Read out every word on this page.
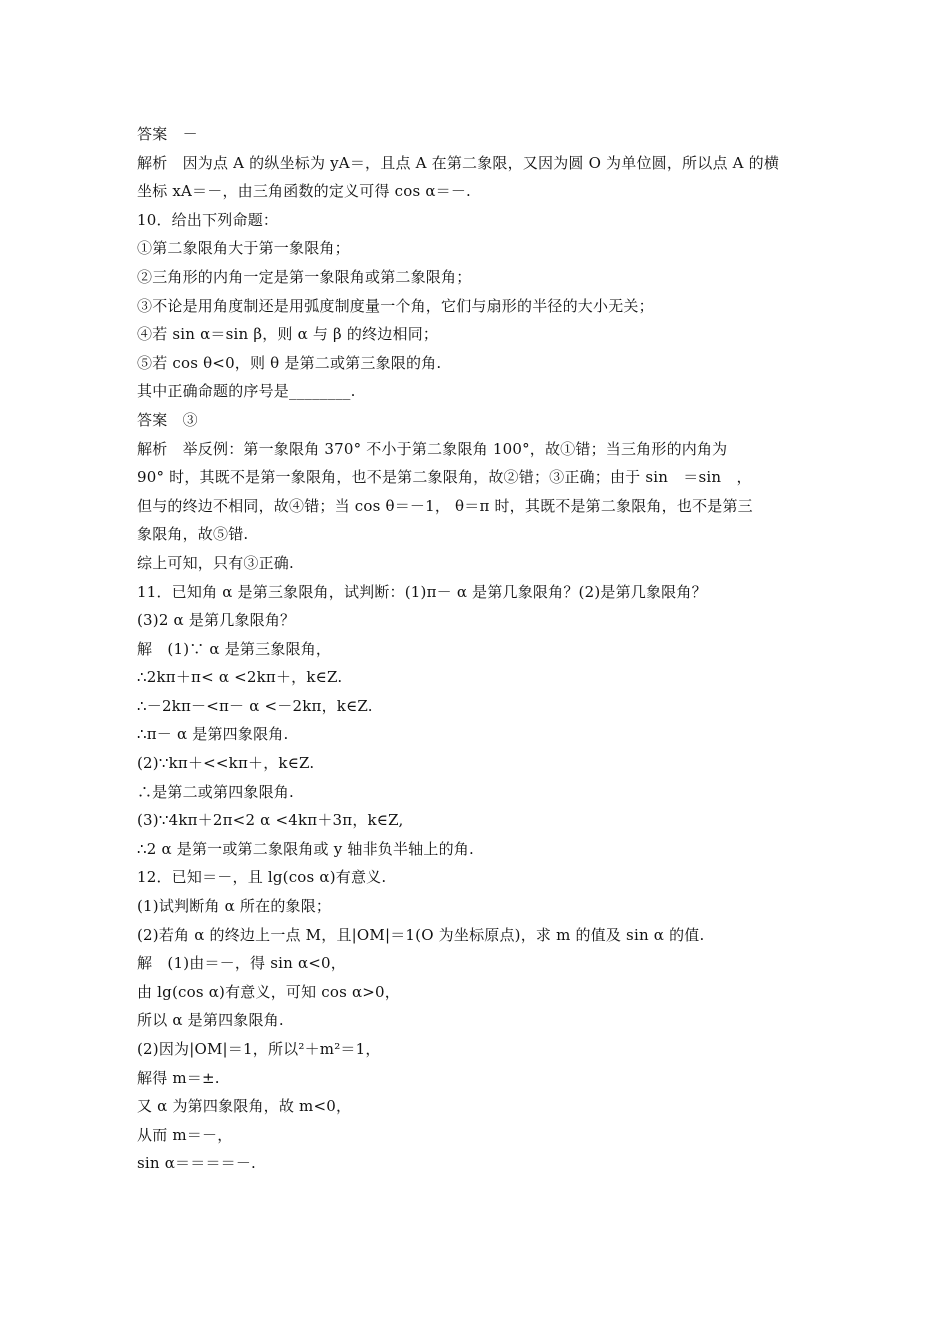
答案　－
解析　因为点 A 的纵坐标为 yA＝，且点 A 在第二象限，又因为圆 O 为单位圆，所以点 A 的横
坐标 xA＝－，由三角函数的定义可得 cos α＝－.
10．给出下列命题：
①第二象限角大于第一象限角；
②三角形的内角一定是第一象限角或第二象限角；
③不论是用角度制还是用弧度制度量一个角，它们与扇形的半径的大小无关；
④若 sin α＝sin β，则 α 与 β 的终边相同；
⑤若 cos θ<0，则 θ 是第二或第三象限的角.
其中正确命题的序号是________.
答案　③
解析　举反例：第一象限角 370° 不小于第二象限角 100°，故①错；当三角形的内角为
90° 时，其既不是第一象限角，也不是第二象限角，故②错；③正确；由于 sin　＝sin　，
但与的终边不相同，故④错；当 cos θ＝－1， θ＝π 时，其既不是第二象限角，也不是第三
象限角，故⑤错.
综上可知，只有③正确.
11．已知角 α 是第三象限角，试判断：(1)π－ α 是第几象限角？(2)是第几象限角？
(3)2 α 是第几象限角？
解　(1)∵ α 是第三象限角，
∴2kπ＋π< α <2kπ＋，k∈Z.
∴－2kπ－<π－ α <－2kπ，k∈Z.
∴π－ α 是第四象限角.
(2)∵kπ＋<<kπ＋，k∈Z.
∴是第二或第四象限角.
(3)∵4kπ＋2π<2 α <4kπ＋3π，k∈Z,
∴2 α 是第一或第二象限角或 y 轴非负半轴上的角.
12．已知＝－，且 lg(cos α)有意义.
(1)试判断角 α 所在的象限；
(2)若角 α 的终边上一点 M，且|OM|＝1(O 为坐标原点)，求 m 的值及 sin α 的值.
解　(1)由＝－，得 sin α<0，
由 lg(cos α)有意义，可知 cos α>0，
所以 α 是第四象限角.
(2)因为|OM|＝1，所以²＋m²＝1，
解得 m＝±.
又 α 为第四象限角，故 m<0，
从而 m＝－，
sin α＝＝＝＝－.
